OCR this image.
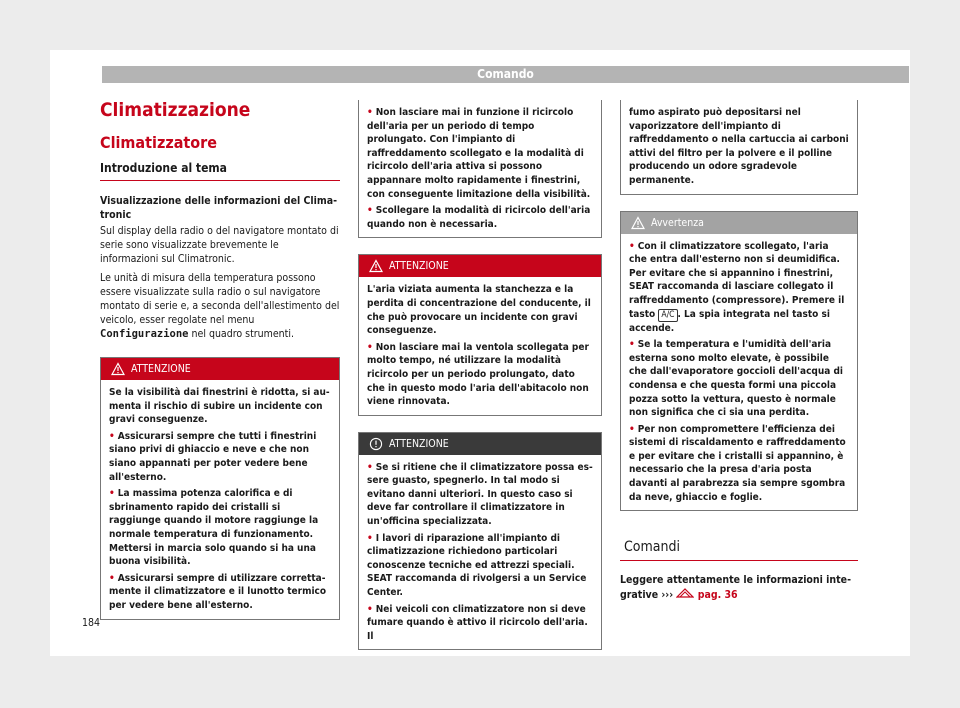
Comando
Climatizzazione
Climatizzatore
Introduzione al tema
Visualizzazione delle informazioni del Climatronic

Sul display della radio o del navigatore montato di serie sono visualizzate brevemente le informazioni sul Climatronic.

Le unità di misura della temperatura possono essere visualizzate sulla radio o sul navigatore montato di serie e, a seconda dell'allestimento del veicolo, esser regolate nel menu Configurazione nel quadro strumenti.

ATTENZIONE

Se la visibilità dai finestrini è ridotta, si aumenta il rischio di subire un incidente con gravi conseguenze.

• Assicurarsi sempre che tutti i finestrini siano privi di ghiaccio e neve e che non siano appannati per poter vedere bene all'esterno.

• La massima potenza calorifica e di sbrinamento rapido dei cristalli si raggiunge quando il motore raggiunge la normale temperatura di funzionamento. Mettersi in marcia solo quando si ha una buona visibilità.

• Assicurarsi sempre di utilizzare correttamente il climatizzatore e il lunotto termico per vedere bene all'esterno.

• Non lasciare mai in funzione il ricircolo dell'aria per un periodo di tempo prolungato. Con l'impianto di raffreddamento scollegato e la modalità di ricircolo dell'aria attiva si possono appannare molto rapidamente i finestrini, con conseguente limitazione della visibilità.

• Scollegare la modalità di ricircolo dell'aria quando non è necessaria.

ATTENZIONE

L'aria viziata aumenta la stanchezza e la perdita di concentrazione del conducente, il che può provocare un incidente con gravi conseguenze.

• Non lasciare mai la ventola scollegata per molto tempo, né utilizzare la modalità ricircolo per un periodo prolungato, dato che in questo modo l'aria dell'abitacolo non viene rinnovata.

ATTENZIONE

• Se si ritiene che il climatizzatore possa essere guasto, spegnerlo. In tal modo si evitano danni ulteriori. In questo caso si deve far controllare il climatizzatore in un'officina specializzata.

• I lavori di riparazione all'impianto di climatizzazione richiedono particolari conoscenze tecniche ed attrezzi speciali. SEAT raccomanda di rivolgersi a un Service Center.

• Nei veicoli con climatizzatore non si deve fumare quando è attivo il ricircolo dell'aria. Il

fumo aspirato può depositarsi nel vaporizzatore dell'impianto di raffreddamento o nella cartuccia ai carboni attivi del filtro per la polvere e il polline producendo un odore sgradevole permanente.

Avvertenza

• Con il climatizzatore scollegato, l'aria che entra dall'esterno non si deumidifica. Per evitare che si appannino i finestrini, SEAT raccomanda di lasciare collegato il raffreddamento (compressore). Premere il tasto A/C . La spia integrata nel tasto si accende.

• Se la temperatura e l'umidità dell'aria esterna sono molto elevate, è possibile che dall'evaporatore goccioli dell'acqua di condensa e che questa formi una piccola pozza sotto la vettura, questo è normale non significa che ci sia una perdita.

• Per non compromettere l'efficienza dei sistemi di riscaldamento e raffreddamento e per evitare che i cristalli si appannino, è necessario che la presa d'aria posta davanti al parabrezza sia sempre sgombra da neve, ghiaccio e foglie.

Comandi

Leggere attentamente le informazioni integrative ››› pag. 36

184
